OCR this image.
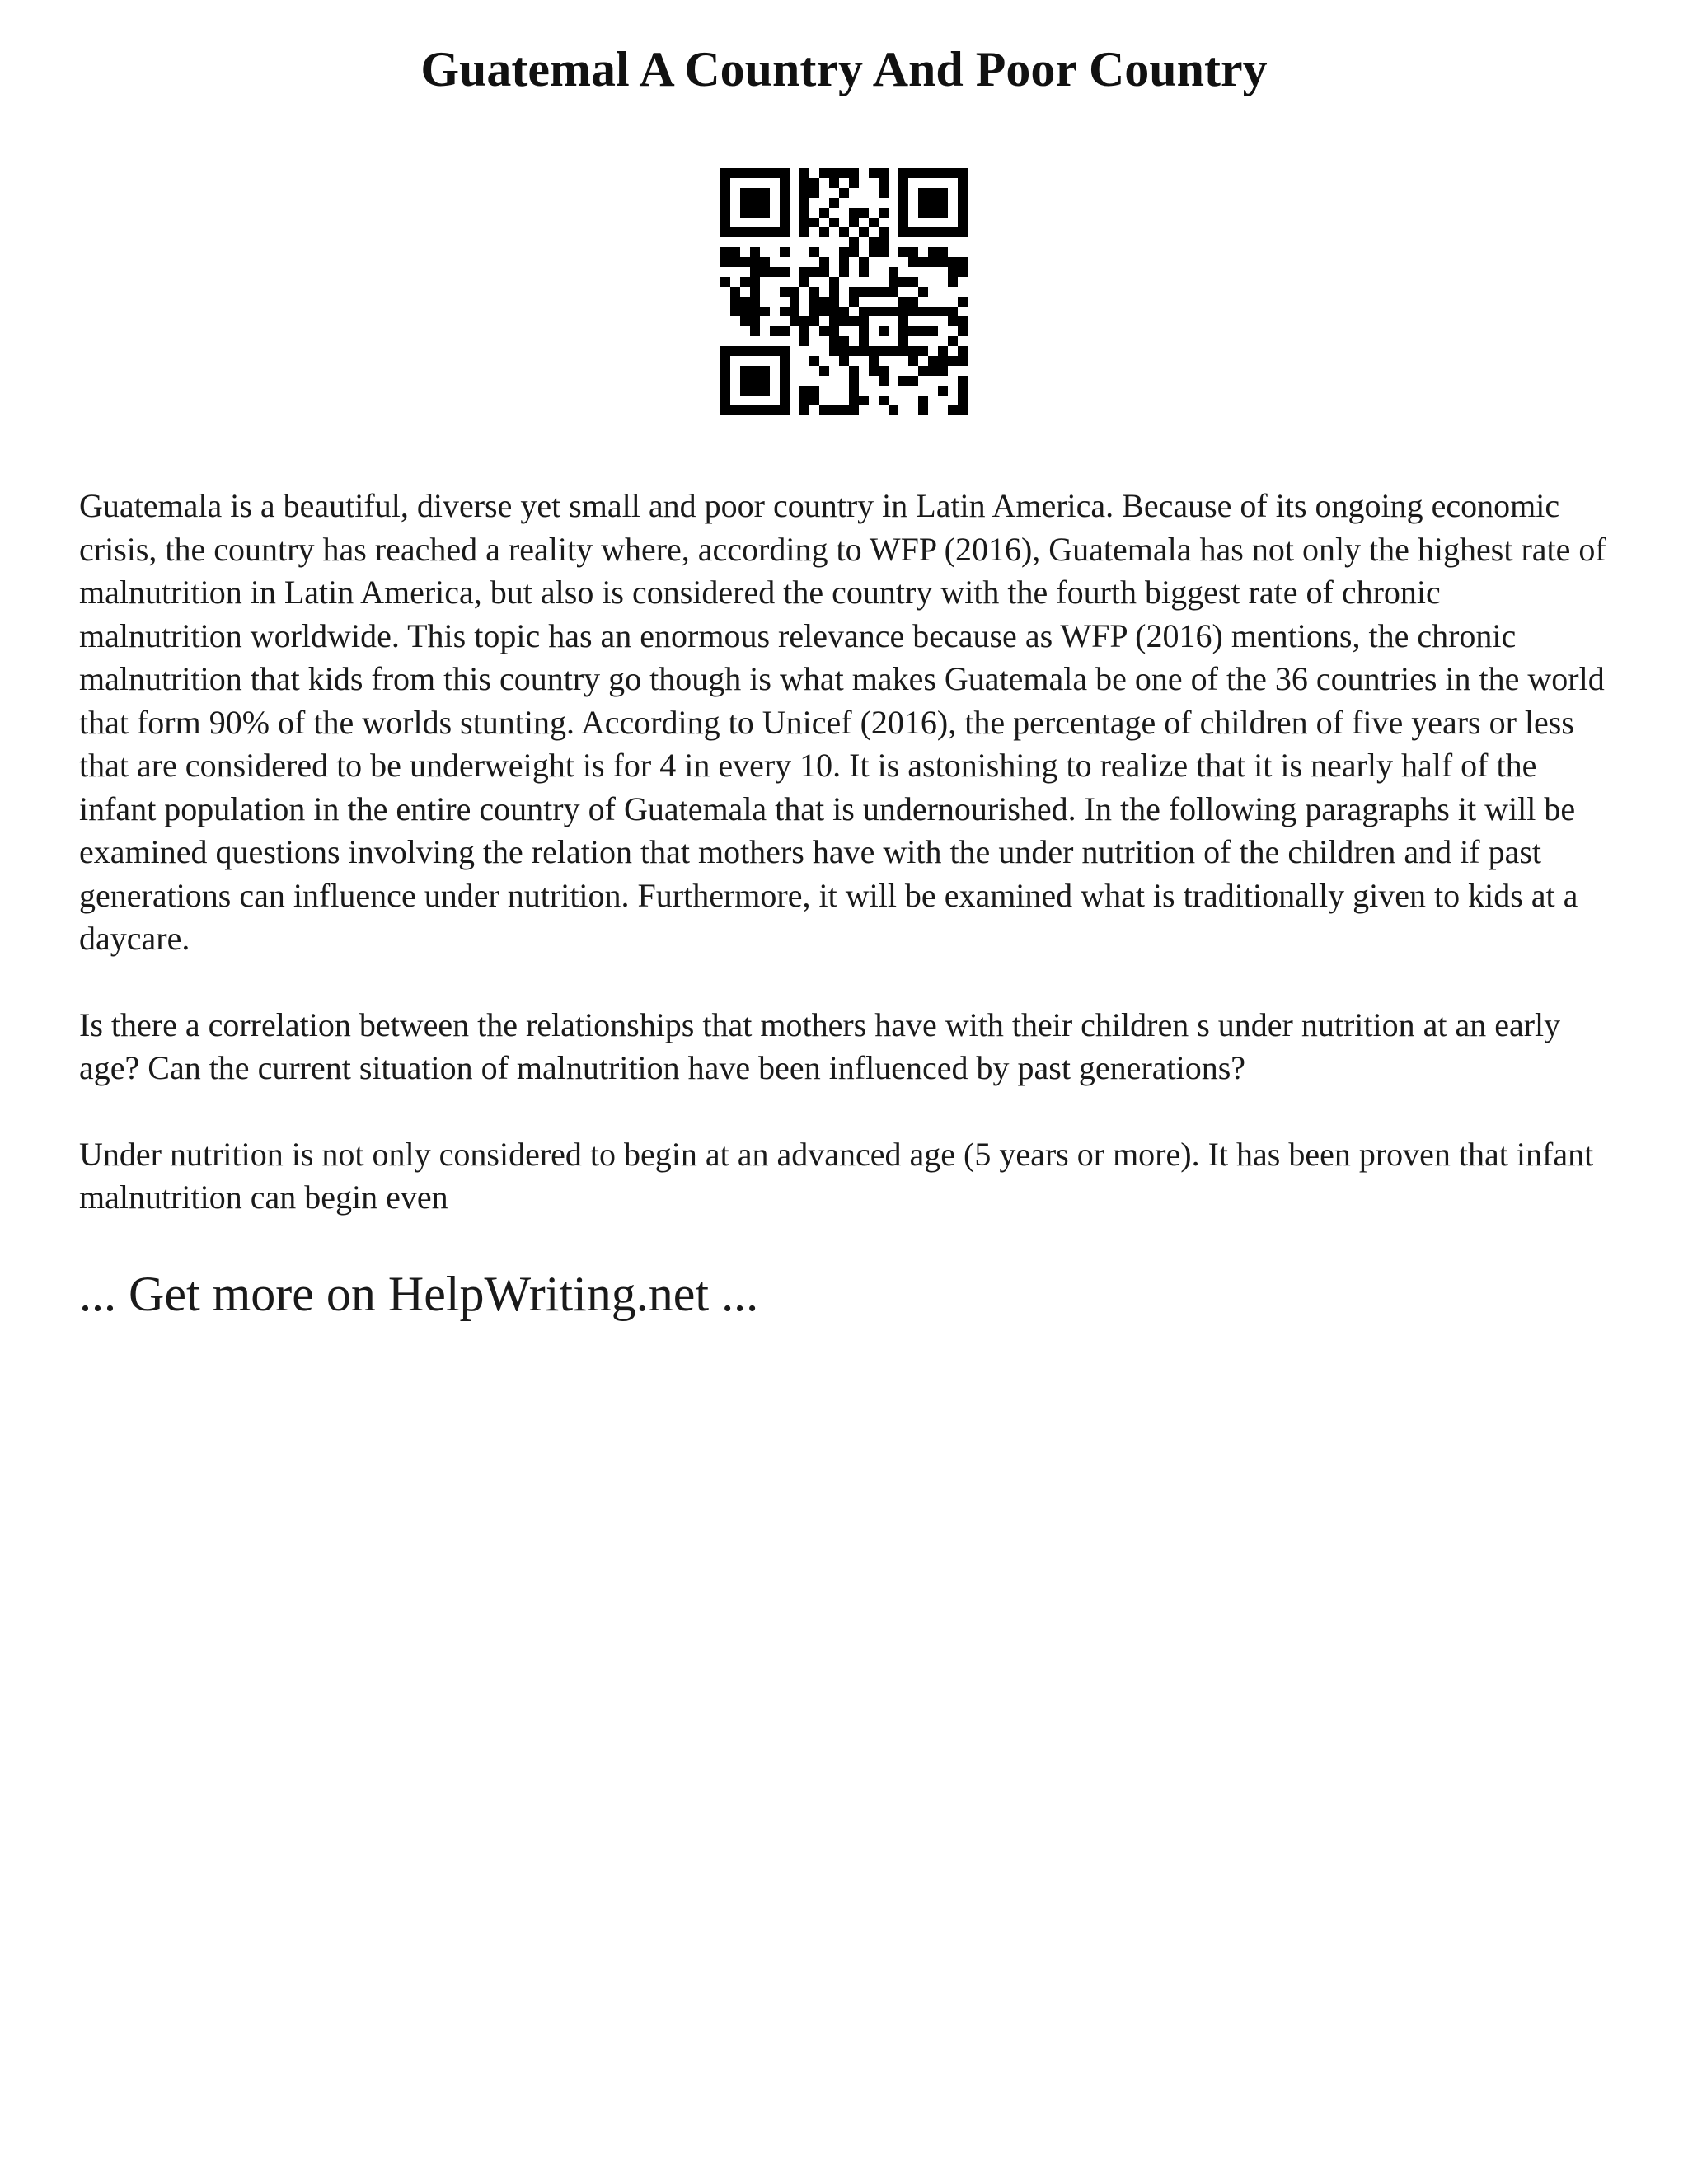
Guatemal A Country And Poor Country

Guatemala is a beautiful, diverse yet small and poor country in Latin America. Because of its ongoing economic crisis, the country has reached a reality where, according to WFP (2016), Guatemala has not only the highest rate of malnutrition in Latin America, but also is considered the country with the fourth biggest rate of chronic malnutrition worldwide. This topic has an enormous relevance because as WFP (2016) mentions, the chronic malnutrition that kids from this country go though is what makes Guatemala be one of the 36 countries in the world that form 90% of the worlds stunting. According to Unicef (2016), the percentage of children of five years or less that are considered to be underweight is for 4 in every 10. It is astonishing to realize that it is nearly half of the infant population in the entire country of Guatemala that is undernourished. In the following paragraphs it will be examined questions involving the relation that mothers have with the under nutrition of the children and if past generations can influence under nutrition. Furthermore, it will be examined what is traditionally given to kids at a daycare.

Is there a correlation between the relationships that mothers have with their children s under nutrition at an early age? Can the current situation of malnutrition have been influenced by past generations?

Under nutrition is not only considered to begin at an advanced age (5 years or more). It has been proven that infant malnutrition can begin even

... Get more on HelpWriting.net ...
